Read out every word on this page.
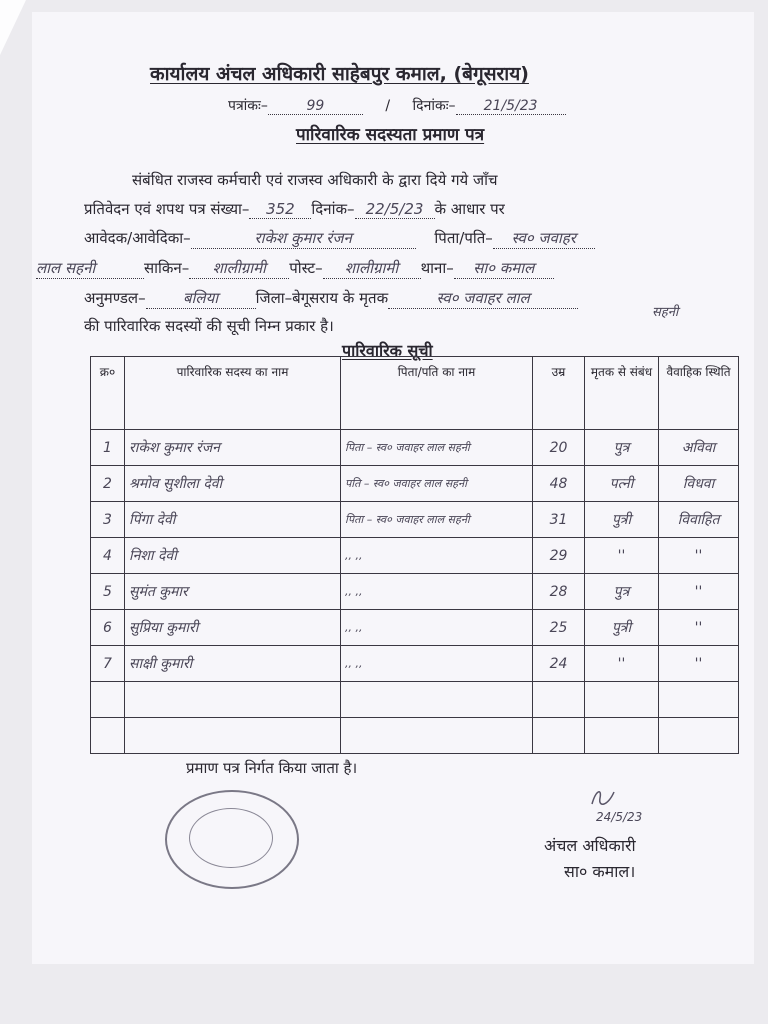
कार्यालय अंचल अधिकारी साहेबपुर कमाल, (बेगूसराय)
पत्रांकः–	99	/ दिनांकः– 21/5/23
पारिवारिक सदस्यता प्रमाण पत्र
संबंधित राजस्व कर्मचारी एवं राजस्व अधिकारी के द्वारा दिये गये जाँच
प्रतिवेदन एवं शपथ पत्र संख्या– 352 दिनांक– 22/5/23 के आधार पर
आवेदक/आवेदिका–	राकेश कुमार रंजन	पिता/पति– स्व० जवाहर
लाल सहनी	साकिन– शालीग्रामी पोस्ट– शालीग्रामी थाना– सा० कमाल
अनुमण्डल– बलिया जिला–बेगूसराय के मृतक	स्व० जवाहर लाल
सहनी
की पारिवारिक सदस्यों की सूची निम्न प्रकार है।
पारिवारिक सूची
क्र०	पारिवारिक सदस्य का नाम	पिता/पति का नाम	उम्र	मृतक से संबंध	वैवाहिक स्थिति
1	राकेश कुमार रंजन	पिता – स्व० जवाहर लाल सहनी	20	पुत्र	अविवा
2	श्रमोव सुशीला देवी	पति – स्व० जवाहर लाल सहनी	48	पत्नी	विधवा
3	पिंगा देवी	पिता – स्व० जवाहर लाल सहनी	31	पुत्री	विवाहित
4	निशा देवी	,, ,,	29	''	''
5	सुमंत कुमार	,, ,,	28	पुत्र	''
6	सुप्रिया कुमारी	,, ,,	25	पुत्री	''
7	साक्षी कुमारी	,, ,,	24	''	''

प्रमाण पत्र निर्गत किया जाता है।
24/5/23
अंचल अधिकारी
सा० कमाल।
